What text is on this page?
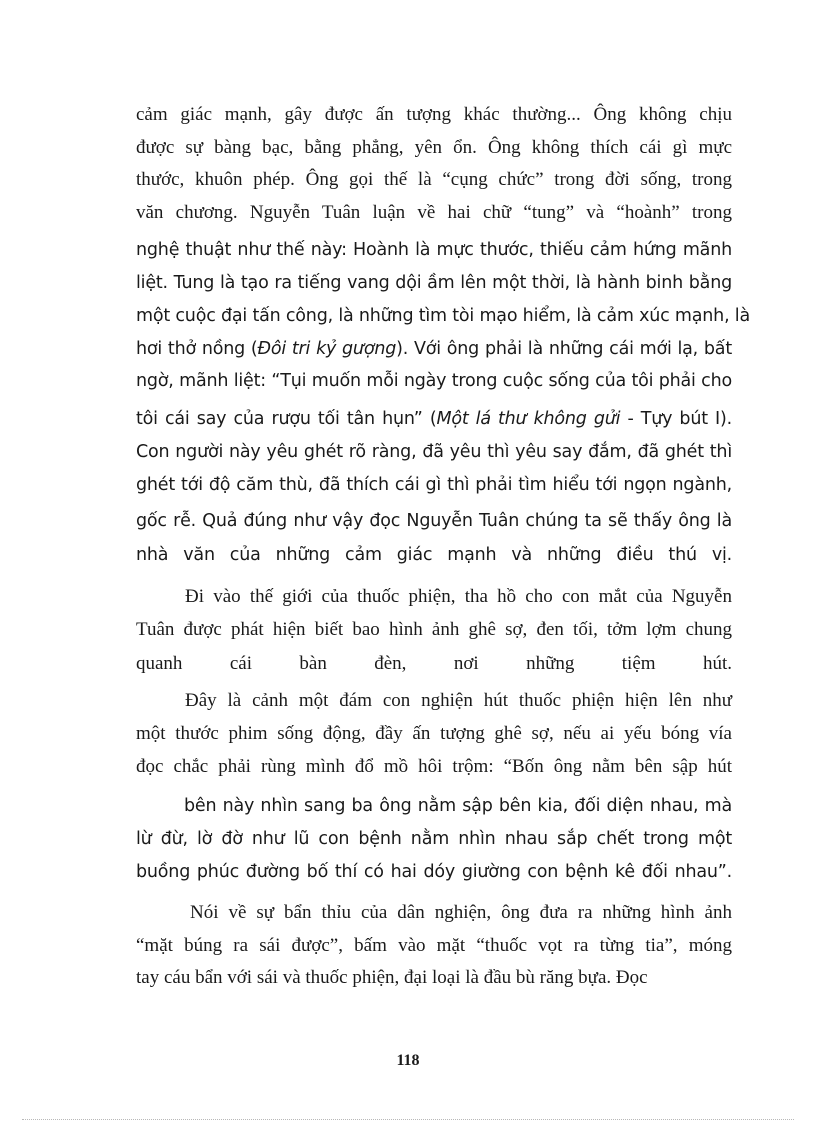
cảm giác mạnh, gây được ấn tượng khác thường... Ông không chịu
được sự bàng bạc, bằng phẳng, yên ổn. Ông không thích cái gì mực
thước, khuôn phép. Ông gọi thế là “cụng chức” trong đời sống, trong
văn chương. Nguyễn Tuân luận về hai chữ “tung” và “hoành” trong
nghệ thuật như thế này: Hoành là mực thước, thiếu cảm hứng mãnh
liệt. Tung là tạo ra tiếng vang dội ầm lên một thời, là hành binh bằng
một cuộc đại tấn công, là những tìm tòi mạo hiểm, là cảm xúc mạnh, là
hơi thở nồng (Đôi tri kỷ gượng). Với ông phải là những cái mới lạ, bất
ngờ, mãnh liệt: “Tụi muốn mỗi ngày trong cuộc sống của tôi phải cho
tôi cái say của rượu tối tân hụn” (Một lá thư không gửi - Tựy bút I).
Con người này yêu ghét rõ ràng, đã yêu thì yêu say đắm, đã ghét thì
ghét tới độ căm thù, đã thích cái gì thì phải tìm hiểu tới ngọn ngành,
gốc rễ. Quả đúng như vậy đọc Nguyễn Tuân chúng ta sẽ thấy ông là
nhà văn của những cảm giác mạnh và những điều thú vị.
Đi vào thế giới của thuốc phiện, tha hồ cho con mắt của Nguyễn
Tuân được phát hiện biết bao hình ảnh ghê sợ, đen tối, tởm lợm chung
quanh cái bàn đèn, nơi những tiệm hút.
Đây là cảnh một đám con nghiện hút thuốc phiện hiện lên như
một thước phim sống động, đầy ấn tượng ghê sợ, nếu ai yếu bóng vía
đọc chắc phải rùng mình đổ mồ hôi trộm: “Bốn ông nằm bên sập hút
bên này nhìn sang ba ông nằm sập bên kia, đối diện nhau, mà
lừ đừ, lờ đờ như lũ con bệnh nằm nhìn nhau sắp chết trong một
buồng phúc đường bố thí có hai dóy giường con bệnh kê đối nhau”.
Nói về sự bẩn thỉu của dân nghiện, ông đưa ra những hình ảnh
“mặt búng ra sái được”, bấm vào mặt “thuốc vọt ra từng tia”, móng
tay cáu bẩn với sái và thuốc phiện, đại loại là đầu bù răng bựa. Đọc
118
